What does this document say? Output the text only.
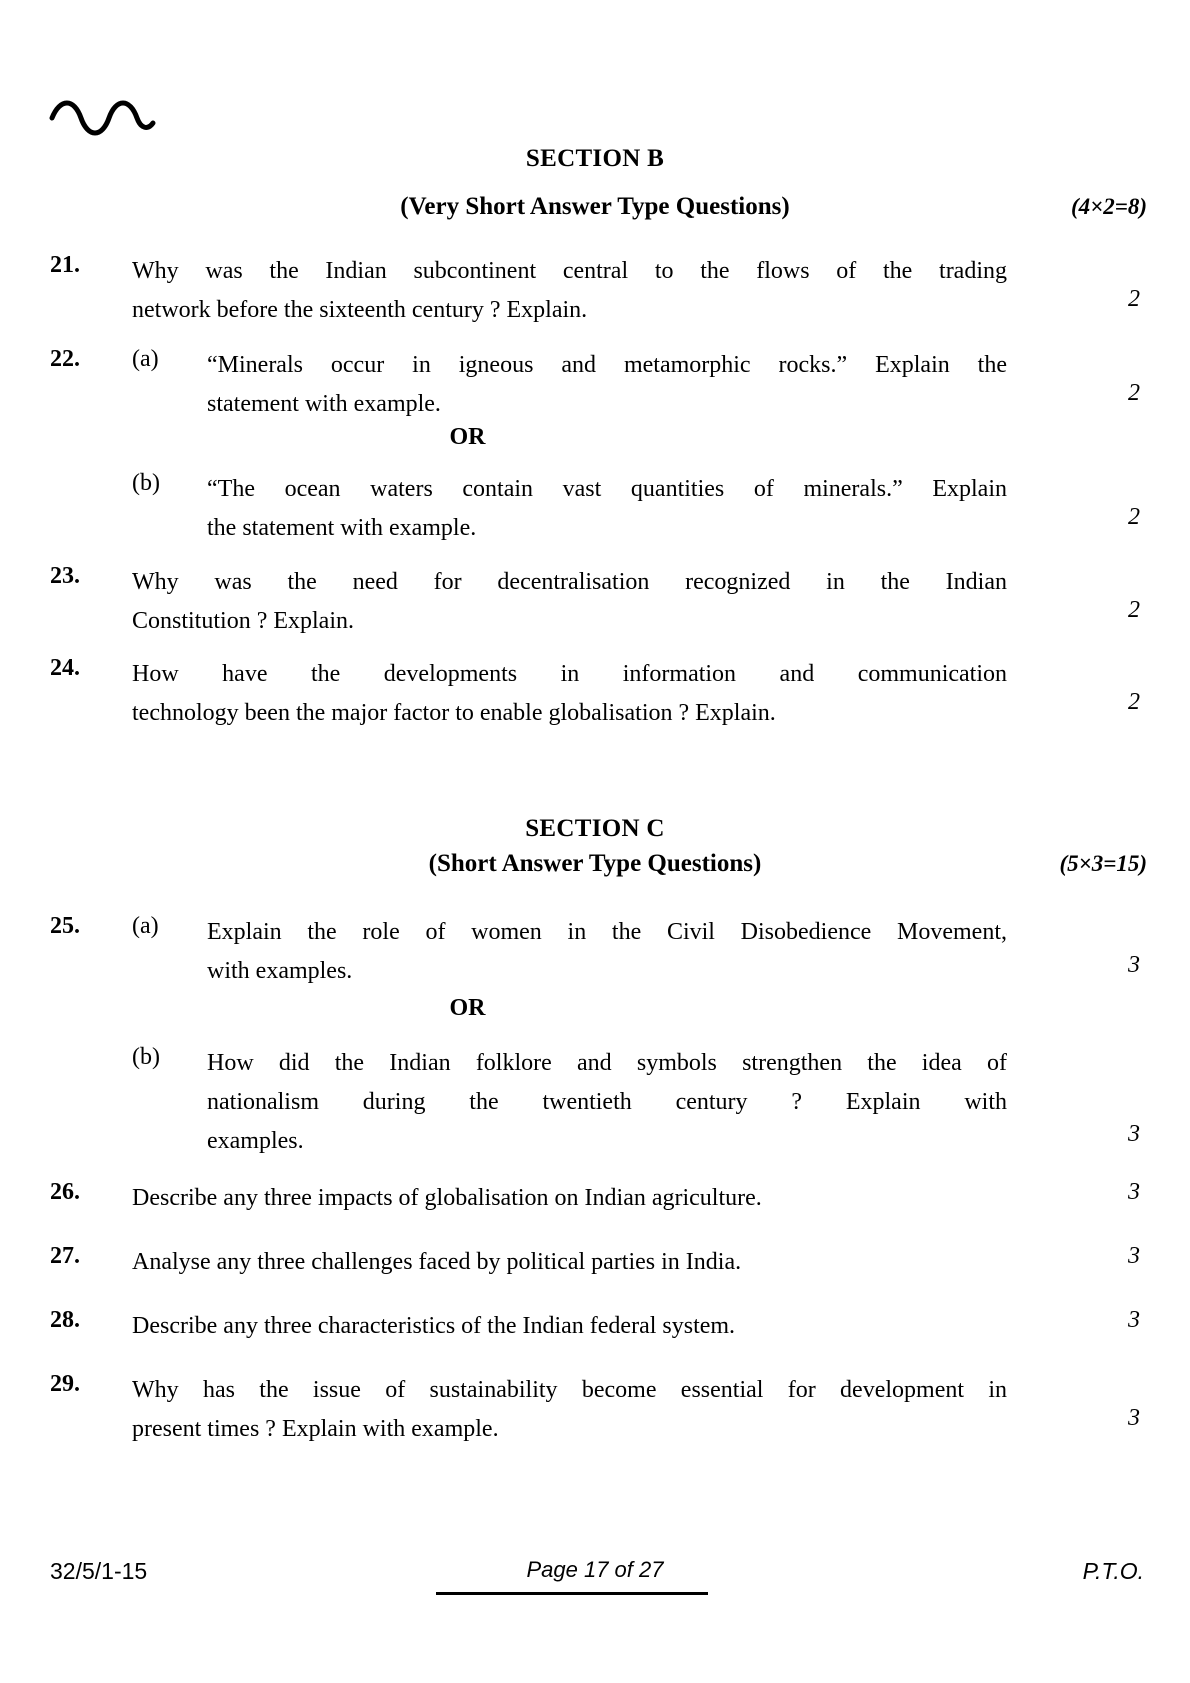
SECTION B
(Very Short Answer Type Questions)	(4×2=8)
21.	Why was the Indian subcontinent central to the flows of the trading
network before the sixteenth century ? Explain.	2
22.	(a)	“Minerals occur in igneous and metamorphic rocks.” Explain the
statement with example.	2
OR
(b)	“The ocean waters contain vast quantities of minerals.” Explain
the statement with example.	2
23.	Why was the need for decentralisation recognized in the Indian
Constitution ? Explain.	2
24.	How have the developments in information and communication
technology been the major factor to enable globalisation ? Explain.	2
SECTION C
(Short Answer Type Questions)	(5×3=15)
25.	(a)	Explain the role of women in the Civil Disobedience Movement,
with examples.	3
OR
(b)	How did the Indian folklore and symbols strengthen the idea of
nationalism during the twentieth century ? Explain with
examples.	3
26.	Describe any three impacts of globalisation on Indian agriculture.	3
27.	Analyse any three challenges faced by political parties in India.	3
28.	Describe any three characteristics of the Indian federal system.	3
29.	Why has the issue of sustainability become essential for development in
present times ? Explain with example.	3
32/5/1-15	Page 17 of 27	P.T.O.
